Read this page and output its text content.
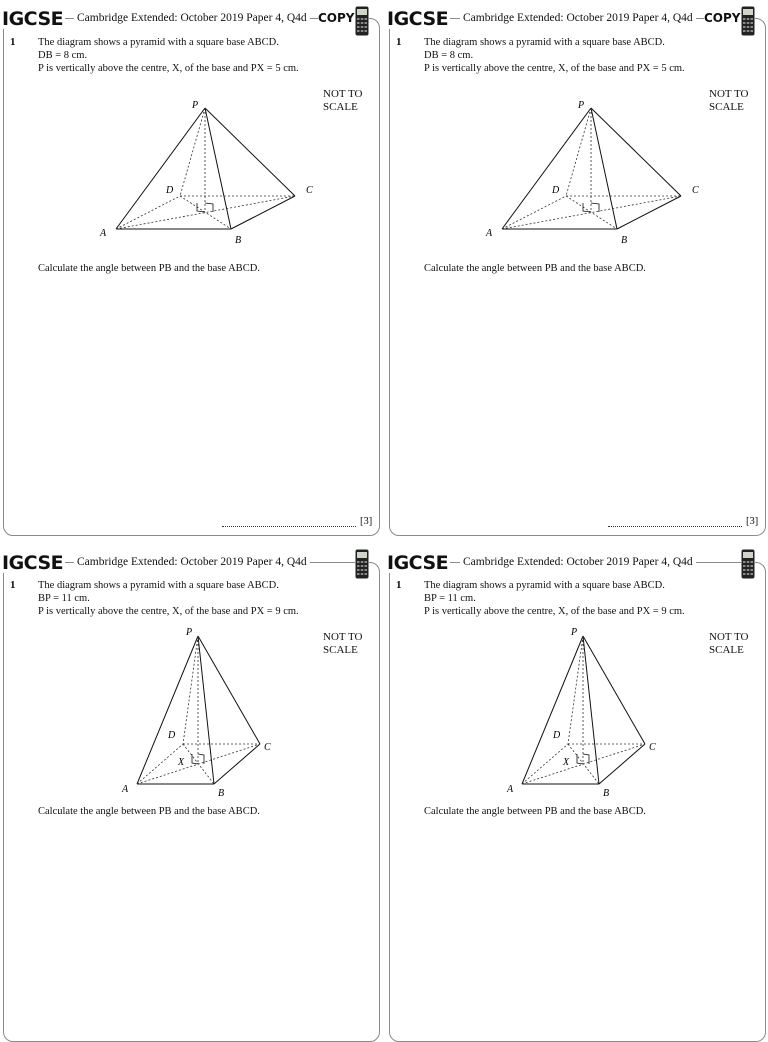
IGCSE Cambridge Extended: October 2019 Paper 4, Q4d COPY
1 The diagram shows a pyramid with a square base ABCD.
DB = 8 cm.
P is vertically above the centre, X, of the base and PX = 5 cm.
NOT TO
SCALE
P
A
B
C
D
Calculate the angle between PB and the base ABCD.
[3]
IGCSE Cambridge Extended: October 2019 Paper 4, Q4d COPY
1 The diagram shows a pyramid with a square base ABCD.
DB = 8 cm.
P is vertically above the centre, X, of the base and PX = 5 cm.
NOT TO
SCALE
P
A
B
C
D
Calculate the angle between PB and the base ABCD.
[3]
IGCSE Cambridge Extended: October 2019 Paper 4, Q4d
1 The diagram shows a pyramid with a square base ABCD.
BP = 11 cm.
P is vertically above the centre, X, of the base and PX = 9 cm.
NOT TO
SCALE
P
A	B
C
D
X
Calculate the angle between PB and the base ABCD.
IGCSE Cambridge Extended: October 2019 Paper 4, Q4d
1 The diagram shows a pyramid with a square base ABCD.
BP = 11 cm.
P is vertically above the centre, X, of the base and PX = 9 cm.
NOT TO
SCALE
P
A	B
C
D
X
Calculate the angle between PB and the base ABCD.
